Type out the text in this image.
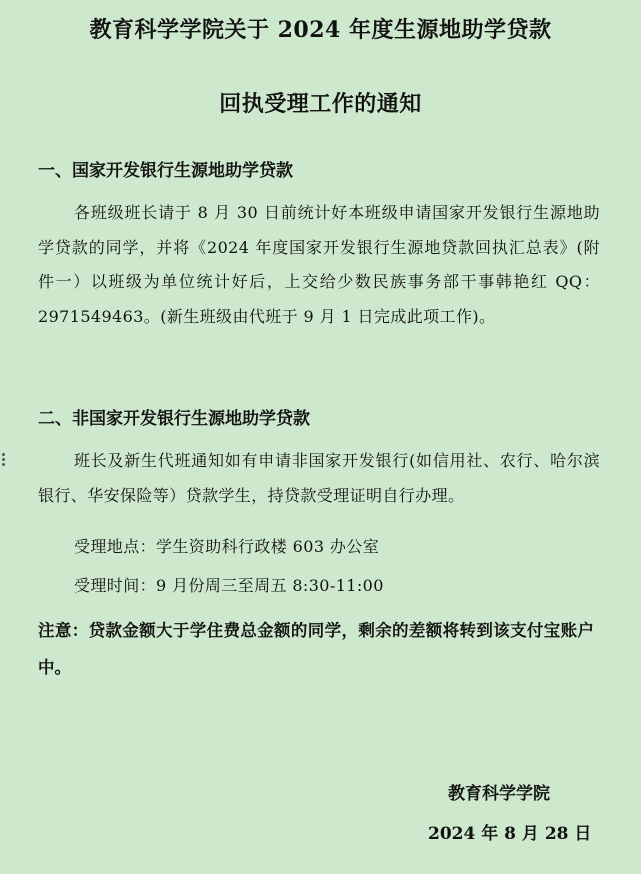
教育科学学院关于 2024 年度生源地助学贷款
回执受理工作的通知
一、国家开发银行生源地助学贷款
各班级班长请于 8 月 30 日前统计好本班级申请国家开发银行生源地助学贷款的同学，并将《2024 年度国家开发银行生源地贷款回执汇总表》(附件一）以班级为单位统计好后，上交给少数民族事务部干事韩艳红 QQ：2971549463。(新生班级由代班于 9 月 1 日完成此项工作)。
二、非国家开发银行生源地助学贷款
班长及新生代班通知如有申请非国家开发银行(如信用社、农行、哈尔滨银行、华安保险等）贷款学生，持贷款受理证明自行办理。
受理地点：学生资助科行政楼 603 办公室
受理时间：9 月份周三至周五 8:30-11:00
注意：贷款金额大于学住费总金额的同学，剩余的差额将转到该支付宝账户中。
教育科学学院
2024 年 8 月 28 日
